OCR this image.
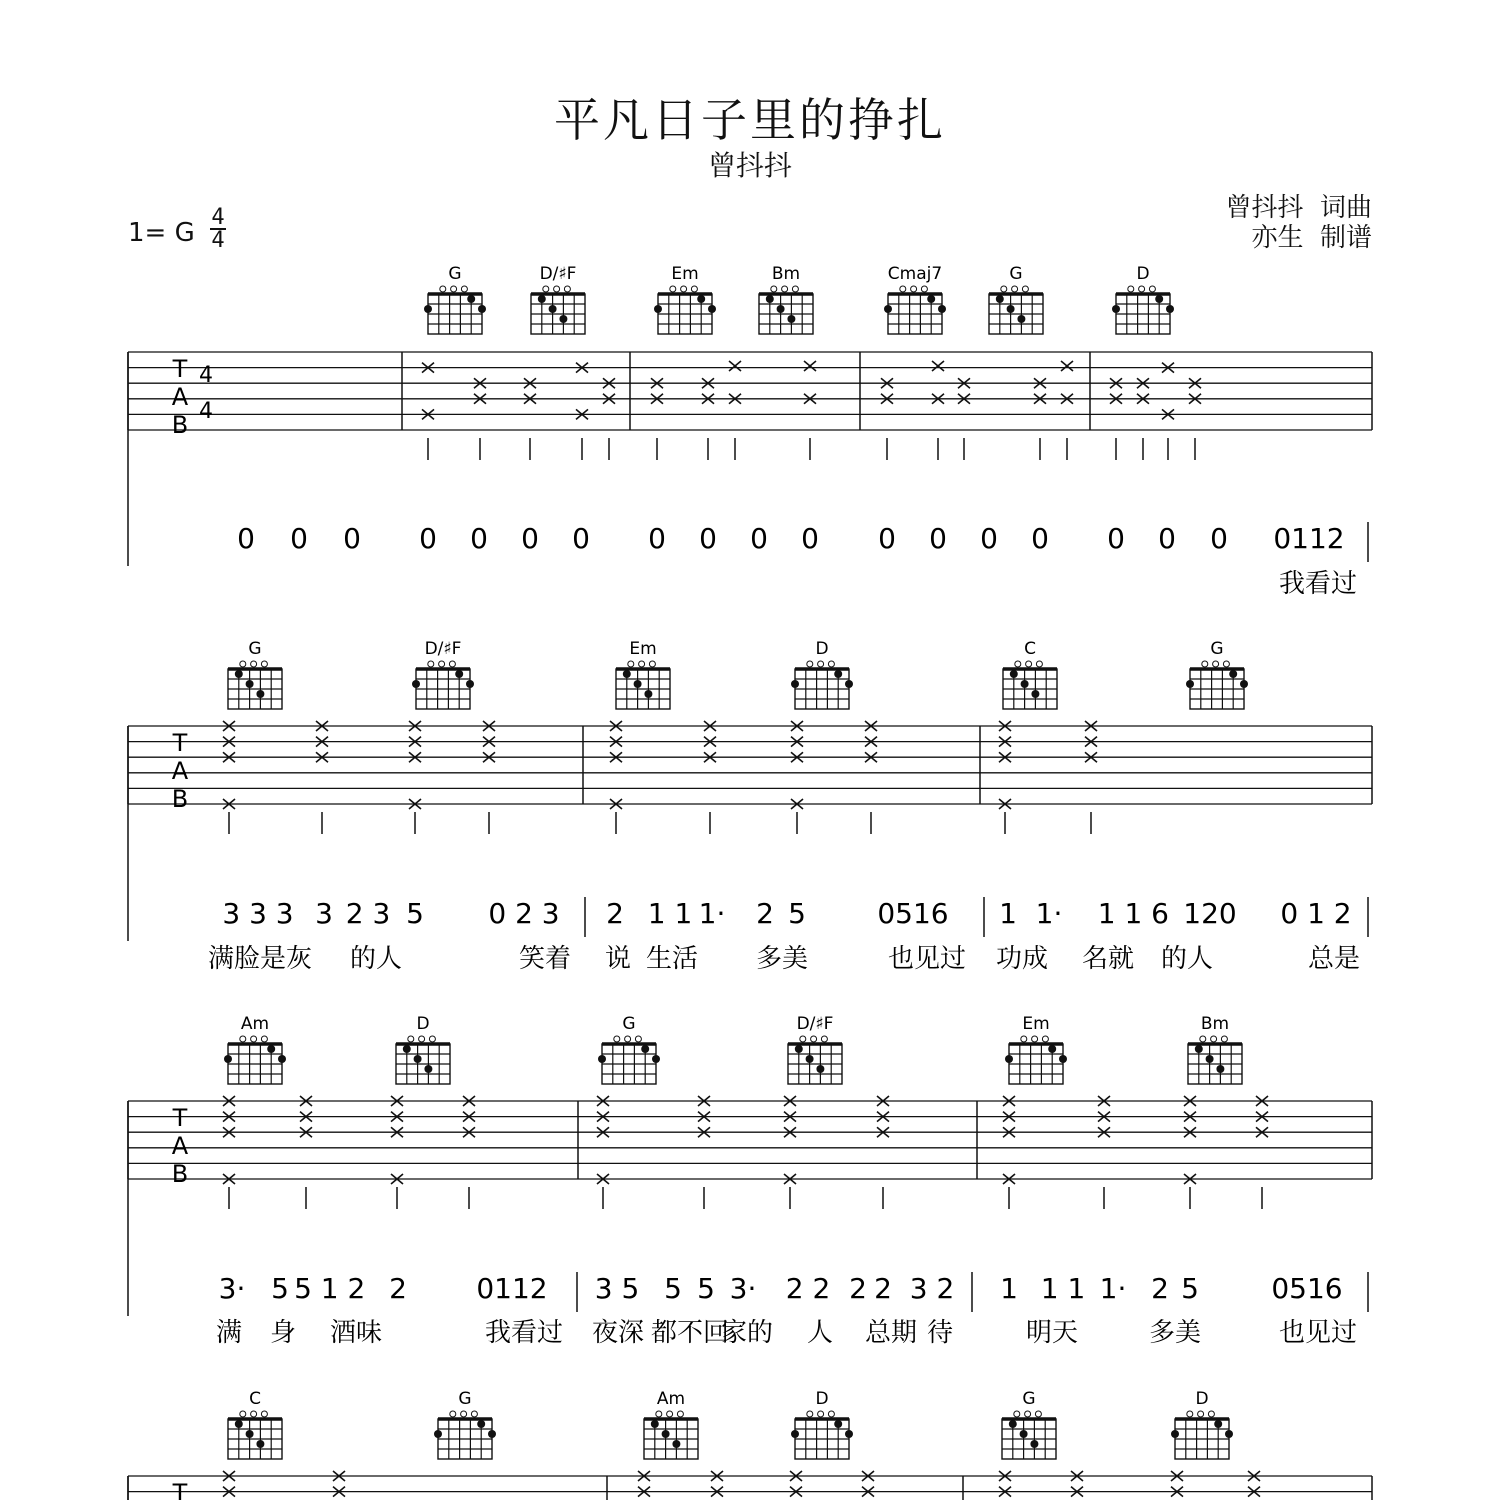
平凡日子里的挣扎
曾抖抖
曾抖抖  词曲
亦生  制谱
1= G
4
4
G	D/♯F	Em	Bm	Cmaj7	G	D
T
A
B
4
4
0 0 0 0 0 0 0 0 0 0 0 0 0 0 0 0 0 0 0112
我看过
G	D/♯F	Em	D	C	G
T
A
B
3 3 3 3 2 3 5 0 2 3 2 1 1 1· 2 5	0516 1 1· 1 1 6 120 0 1 2
满脸是灰 的人	笑着 说 生活 多美	也见过 功成 名就 的人	总是
Am	D	G	D/♯F	Em	Bm
T
A
B
3· 5 5 1 2 2 0112 3 5 5 5 3· 2 2 2 2 3 2 1 1 1 1· 2 5	0516
满 身 酒味	我看过 夜深 都不回
家的 人 总期 待	明天	多美	也见过
C	G	Am	D	G	D
T
